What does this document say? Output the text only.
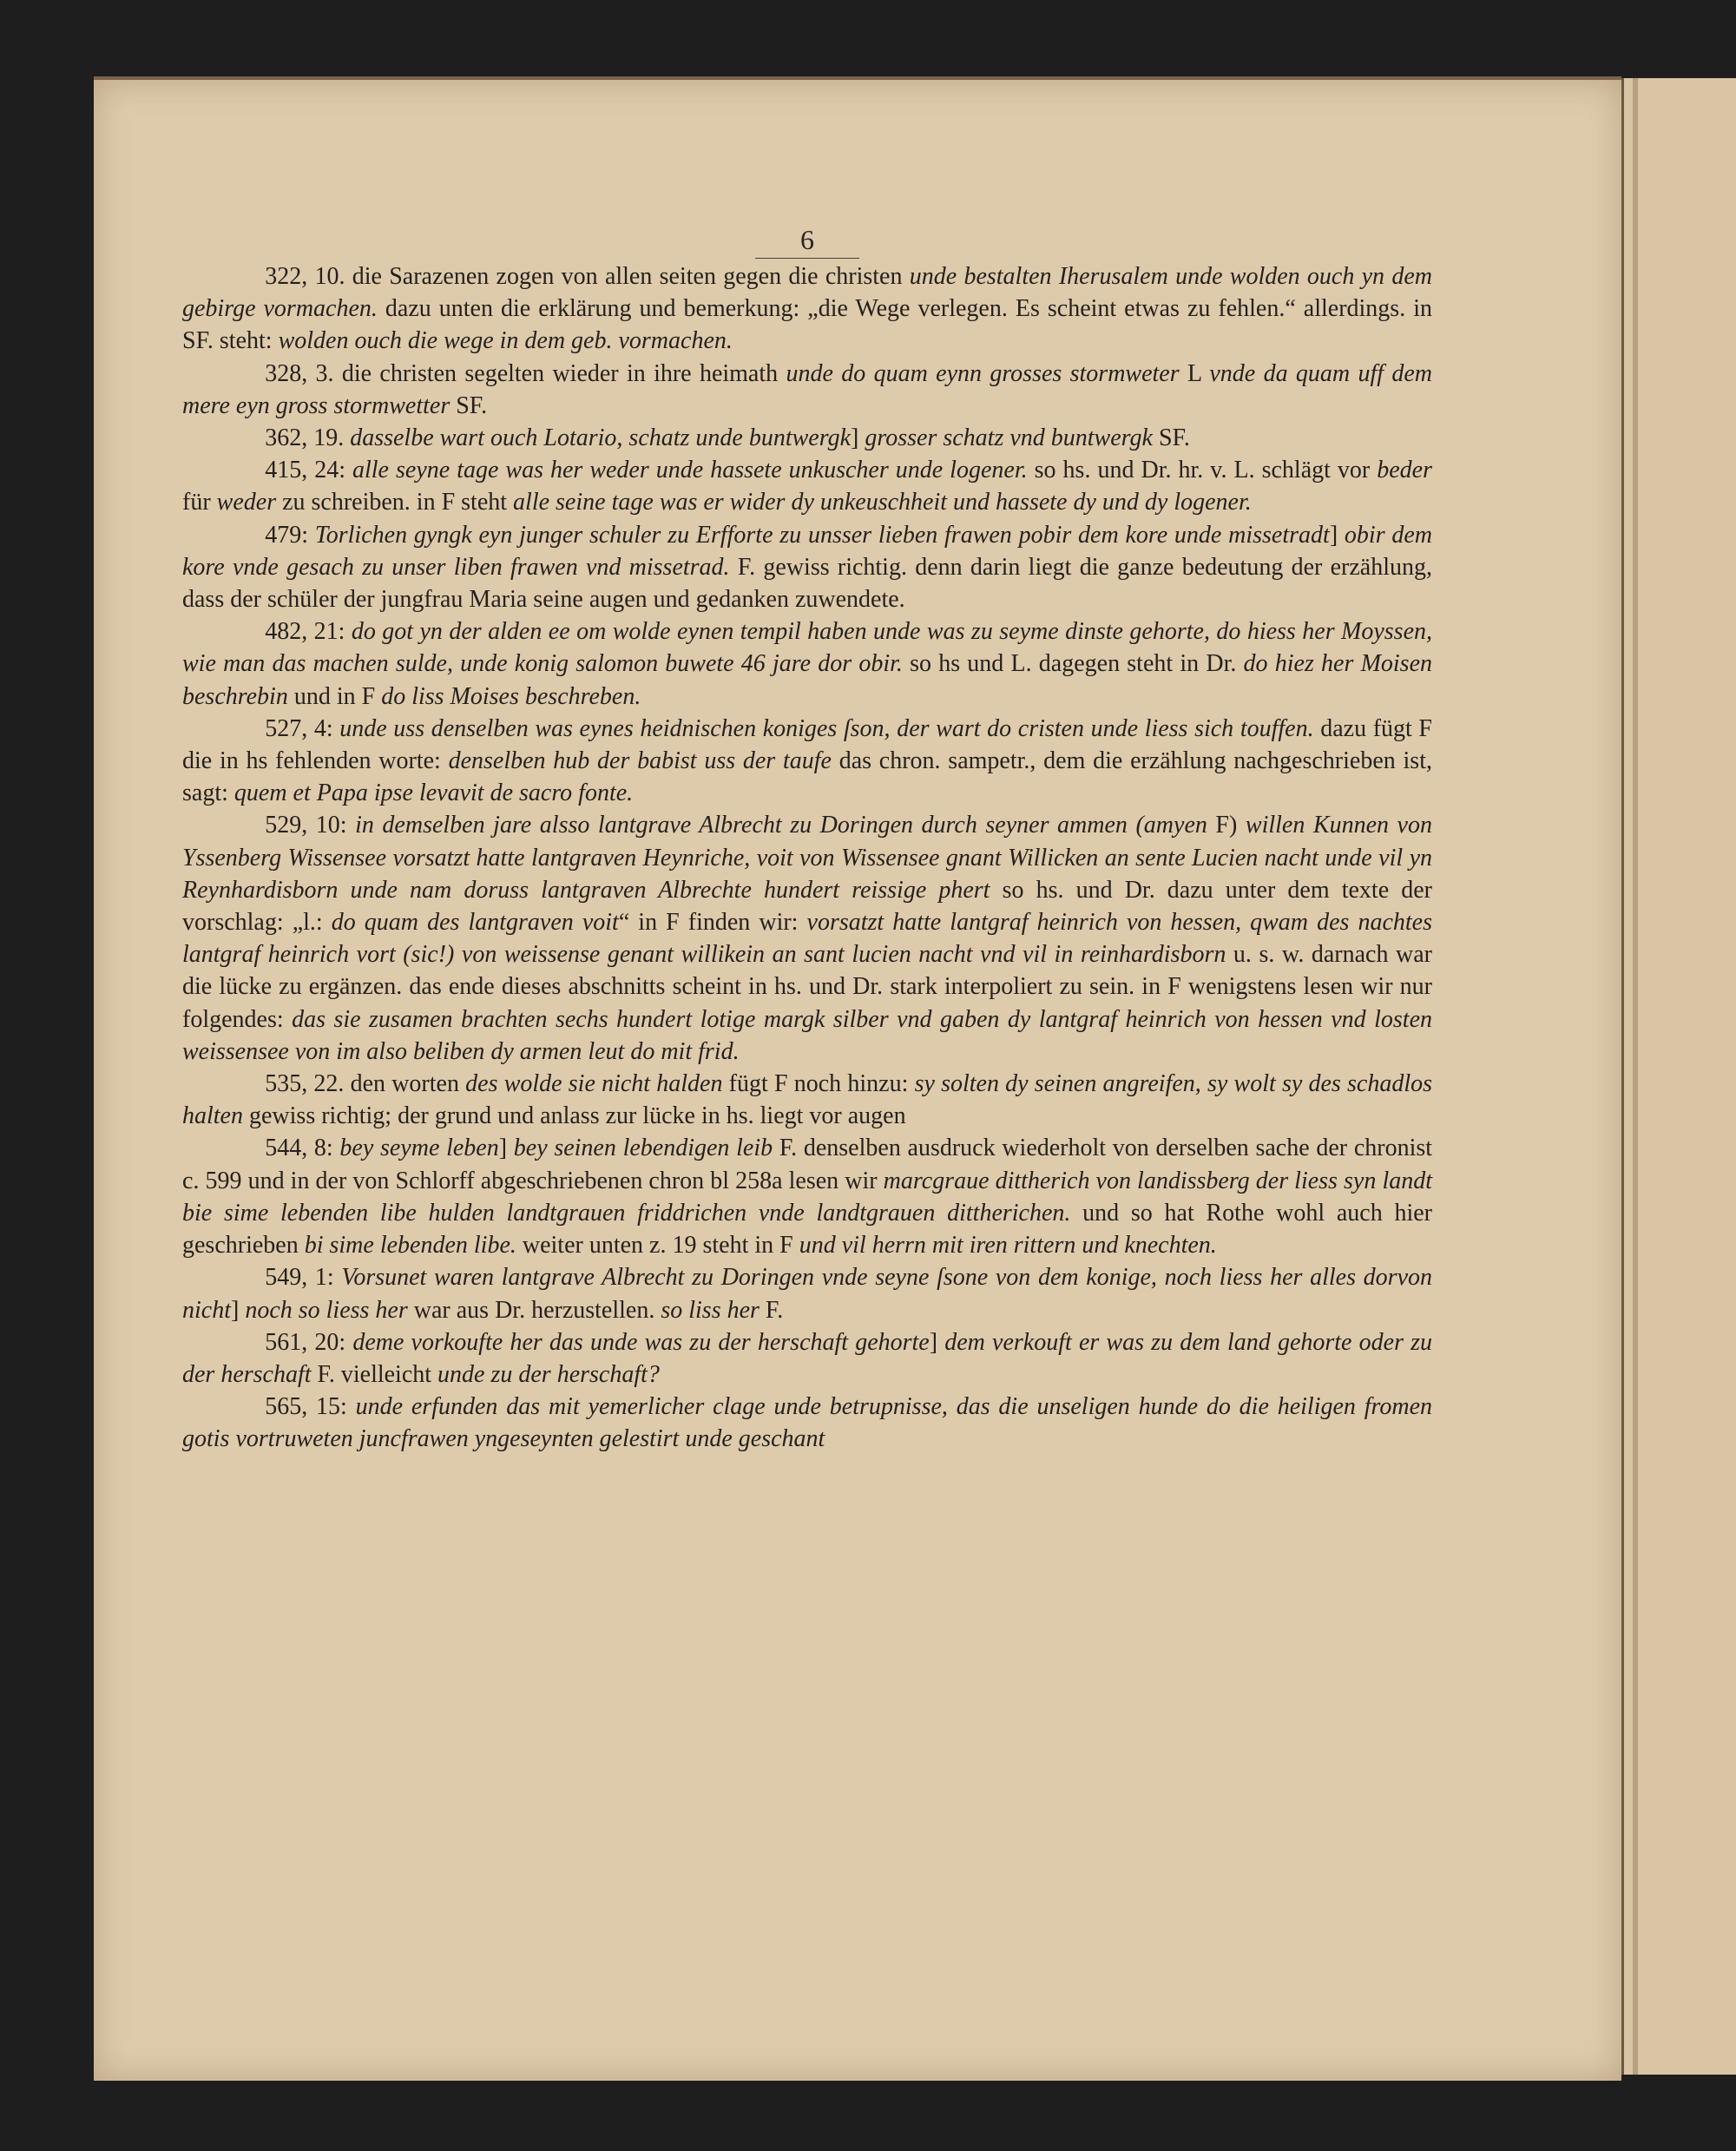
6

322, 10. die Sarazenen zogen von allen seiten gegen die christen unde bestalten Iherusalem unde wolden ouch yn dem gebirge vormachen. dazu unten die erklärung und bemerkung: „die Wege verlegen. Es scheint etwas zu fehlen.“ allerdings. in SF. steht: wolden ouch die wege in dem geb. vormachen.

328, 3. die christen segelten wieder in ihre heimath unde do quam eynn grosses stormweter L vnde da quam uff dem mere eyn gross stormwetter SF.

362, 19. dasselbe wart ouch Lotario, schatz unde buntwergk] grosser schatz vnd buntwergk SF.

415, 24: alle seyne tage was her weder unde hassete unkuscher unde logener. so hs. und Dr. hr. v. L. schlägt vor beder für weder zu schreiben. in F steht alle seine tage was er wider dy unkeuschheit und hassete dy und dy logener.

479: Torlichen gyngk eyn junger schuler zu Erfforte zu unsser lieben frawen pobir dem kore unde missetradt] obir dem kore vnde gesach zu unser liben frawen vnd missetrad. F. gewiss richtig. denn darin liegt die ganze bedeutung der erzählung, dass der schüler der jungfrau Maria seine augen und gedanken zuwendete.

482, 21: do got yn der alden ee om wolde eynen tempil haben unde was zu seyme dinste gehorte, do hiess her Moyssen, wie man das machen sulde, unde konig salomon buwete 46 jare dor obir. so hs und L. dagegen steht in Dr. do hiez her Moisen beschrebin und in F do liss Moises beschreben.

527, 4: unde uss denselben was eynes heidnischen koniges ſson, der wart do cristen unde liess sich touffen. dazu fügt F die in hs fehlenden worte: denselben hub der babist uss der taufe das chron. sampetr., dem die erzählung nachgeschrieben ist, sagt: quem et Papa ipse levavit de sacro fonte.

529, 10: in demselben jare alsso lantgrave Albrecht zu Doringen durch seyner ammen (amyen F) willen Kunnen von Yssenberg Wissensee vorsatzt hatte lantgraven Heynriche, voit von Wissensee gnant Willicken an sente Lucien nacht unde vil yn Reynhardisborn unde nam doruss lantgraven Albrechte hundert reissige phert so hs. und Dr. dazu unter dem texte der vorschlag: „l.: do quam des lantgraven voit“ in F finden wir: vorsatzt hatte lantgraf heinrich von hessen, qwam des nachtes lantgraf heinrich vort (sic!) von weissense genant willikein an sant lucien nacht vnd vil in reinhardisborn u. s. w. darnach war die lücke zu ergänzen. das ende dieses abschnitts scheint in hs. und Dr. stark interpoliert zu sein. in F wenigstens lesen wir nur folgendes: das sie zusamen brachten sechs hundert lotige margk silber vnd gaben dy lantgraf heinrich von hessen vnd losten weissensee von im also beliben dy armen leut do mit frid.

535, 22. den worten des wolde sie nicht halden fügt F noch hinzu: sy solten dy seinen angreifen, sy wolt sy des schadlos halten gewiss richtig; der grund und anlass zur lücke in hs. liegt vor augen

544, 8: bey seyme leben] bey seinen lebendigen leib F. denselben ausdruck wiederholt von derselben sache der chronist c. 599 und in der von Schlorff abgeschriebenen chron bl 258a lesen wir marcgraue dittherich von landissberg der liess syn landt bie sime lebenden libe hulden landtgrauen friddrichen vnde landtgrauen dittherichen. und so hat Rothe wohl auch hier geschrieben bi sime lebenden libe. weiter unten z. 19 steht in F und vil herrn mit iren rittern und knechten.

549, 1: Vorsunet waren lantgrave Albrecht zu Doringen vnde seyne ſsone von dem konige, noch liess her alles dorvon nicht] noch so liess her war aus Dr. herzustellen. so liss her F.

561, 20: deme vorkoufte her das unde was zu der herschaft gehorte] dem verkouft er was zu dem land gehorte oder zu der herschaft F. vielleicht unde zu der herschaft?

565, 15: unde erfunden das mit yemerlicher clage unde betrupnisse, das die unseligen hunde do die heiligen fromen gotis vortruweten juncfrawen yngeseynten gelestirt unde geschant
